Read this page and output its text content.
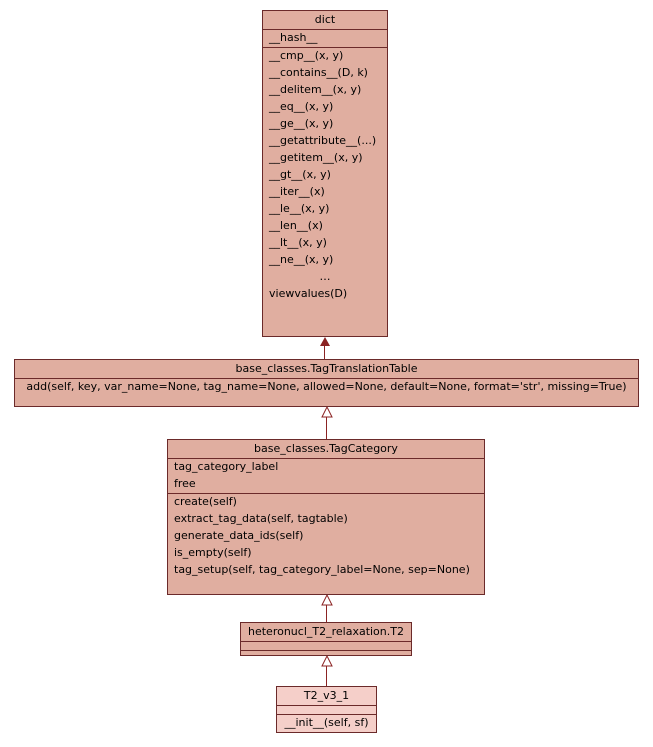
dict
__hash__
__cmp__(x, y)
__contains__(D, k)
__delitem__(x, y)
__eq__(x, y)
__ge__(x, y)
__getattribute__(...)
__getitem__(x, y)
__gt__(x, y)
__iter__(x)
__le__(x, y)
__len__(x)
__lt__(x, y)
__ne__(x, y)
…
viewvalues(D)
base_classes.TagTranslationTable
add(self, key, var_name=None, tag_name=None, allowed=None, default=None, format='str', missing=True)
base_classes.TagCategory
tag_category_label
free
create(self)
extract_tag_data(self, tagtable)
generate_data_ids(self)
is_empty(self)
tag_setup(self, tag_category_label=None, sep=None)
heteronucl_T2_relaxation.T2
T2_v3_1
__init__(self, sf)
